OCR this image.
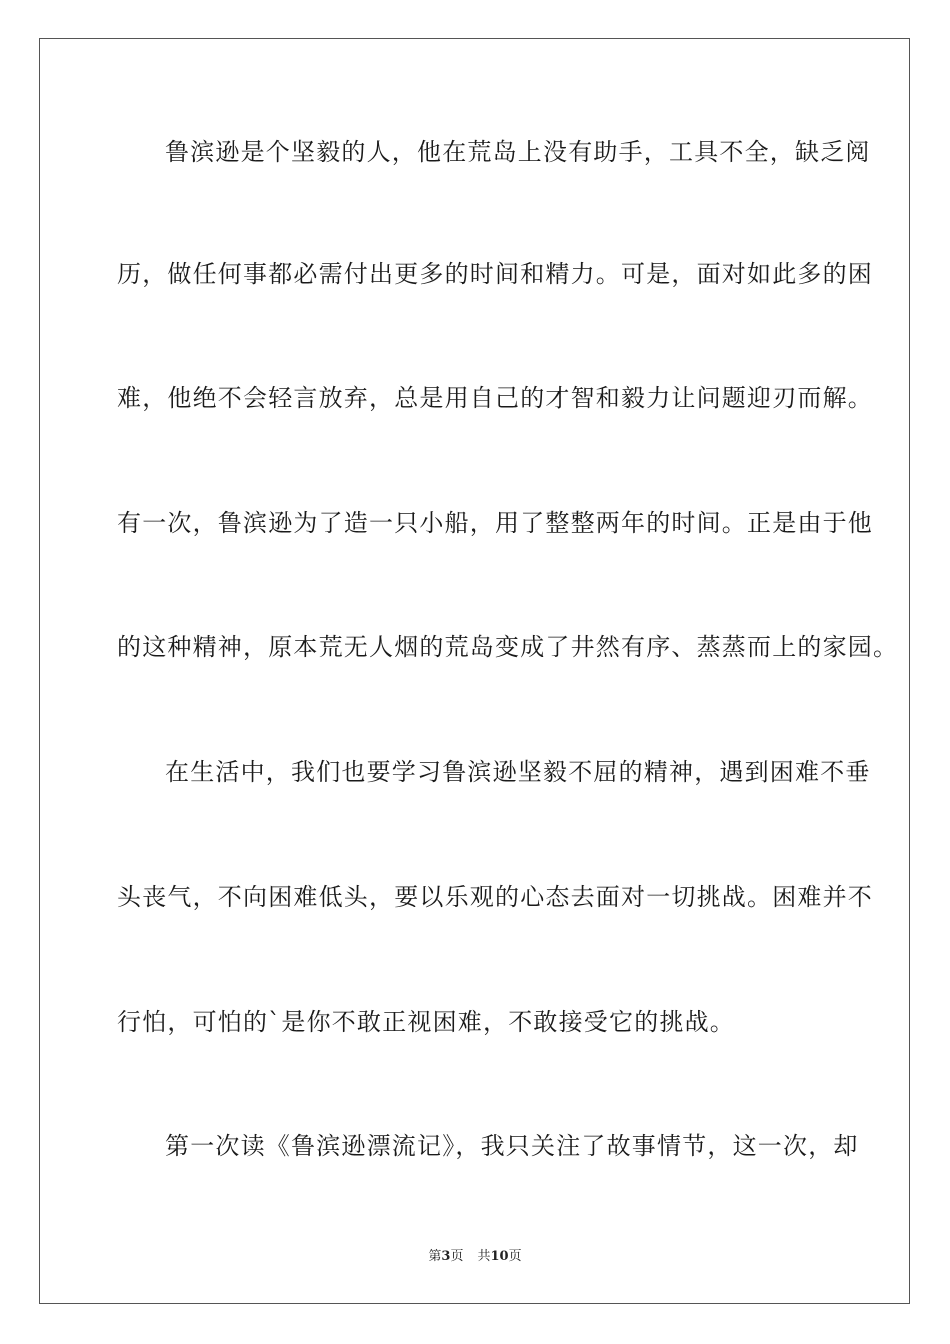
鲁滨逊是个坚毅的人，他在荒岛上没有助手，工具不全，缺乏阅
历，做任何事都必需付出更多的时间和精力。可是，面对如此多的困
难，他绝不会轻言放弃，总是用自己的才智和毅力让问题迎刃而解。
有一次，鲁滨逊为了造一只小船，用了整整两年的时间。正是由于他
的这种精神，原本荒无人烟的荒岛变成了井然有序、蒸蒸而上的家园。
在生活中，我们也要学习鲁滨逊坚毅不屈的精神，遇到困难不垂
头丧气，不向困难低头，要以乐观的心态去面对一切挑战。困难并不
行怕，可怕的`是你不敢正视困难，不敢接受它的挑战。
第一次读《鲁滨逊漂流记》，我只关注了故事情节，这一次，却
第3页 共10页
